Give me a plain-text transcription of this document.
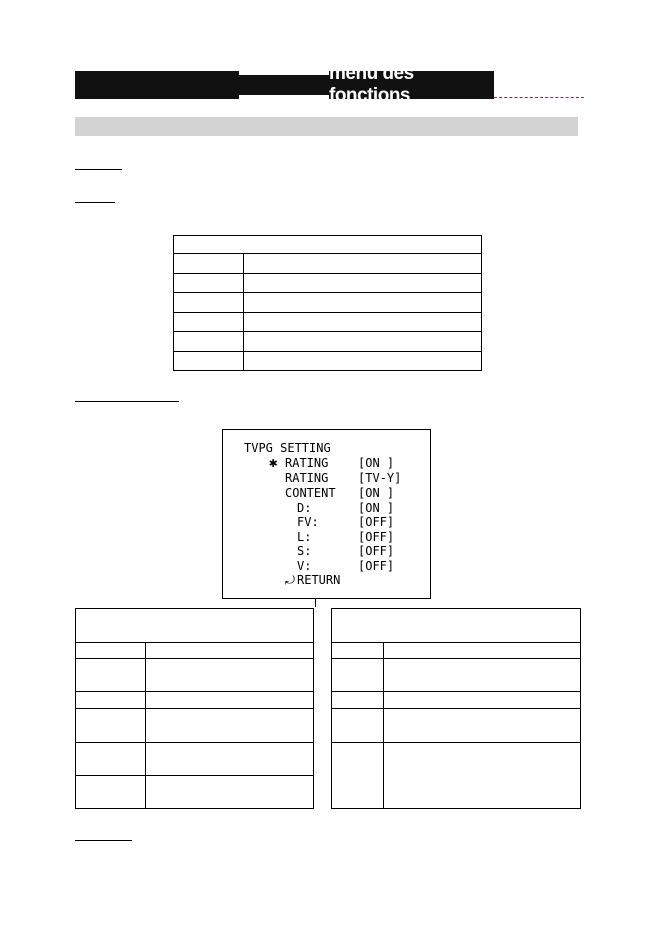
menu des fonctions

TVPG SETTING
✱ RATING [ON ]
RATING [TV-Y]
CONTENT [ON ]
D:	[ON ]
FV:	[OFF]
L:	[OFF]
S:	[OFF]
V:	[OFF]
⤾ RETURN
